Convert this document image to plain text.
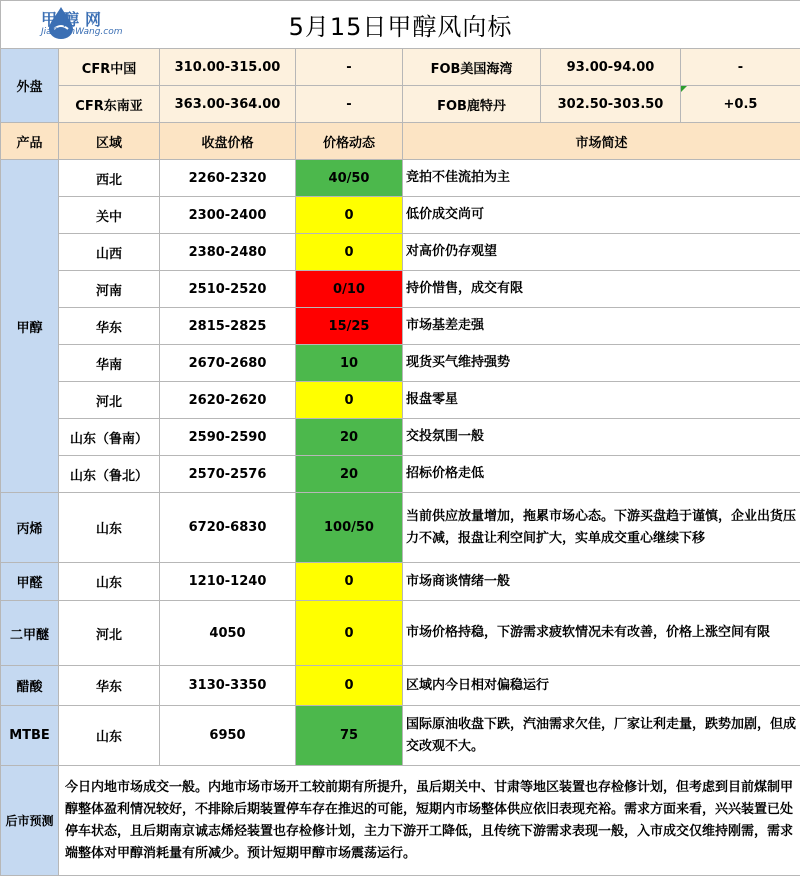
甲醇网
JiaChunWang.com 5月15日甲醇风向标						
外盘	CFR中国	310.00-315.00	-	FOB美国海湾	93.00-94.00	-
	CFR东南亚	363.00-364.00	-	FOB鹿特丹	302.50-303.50	+0.5
产品	区域	收盘价格	价格动态	市场简述		
甲醇	西北	2260-2320	40/50	竞拍不佳流拍为主		
	关中	2300-2400	0	低价成交尚可		
	山西	2380-2480	0	对高价仍存观望		
	河南	2510-2520	0/10	持价惜售，成交有限		
	华东	2815-2825	15/25	市场基差走强		
	华南	2670-2680	10	现货买气维持强势		
	河北	2620-2620	0	报盘零星		
	山东（鲁南）	2590-2590	20	交投氛围一般		
	山东（鲁北）	2570-2576	20	招标价格走低		
丙烯	山东	6720-6830	100/50	当前供应放量增加，拖累市场心态。下游买盘趋于谨慎，企业出货压力不减，报盘让利空间扩大，实单成交重心继续下移		
甲醛	山东	1210-1240	0	市场商谈情绪一般		
二甲醚	河北	4050	0	市场价格持稳，下游需求疲软情况未有改善，价格上涨空间有限		
醋酸	华东	3130-3350	0	区域内今日相对偏稳运行		
MTBE	山东	6950	75	国际原油收盘下跌，汽油需求欠佳，厂家让利走量，跌势加剧，但成交改观不大。		
后市预测	今日内地市场成交一般。内地市场市场开工较前期有所提升，虽后期关中、甘肃等地区装置也存检修计划，但考虑到目前煤制甲醇整体盈利情况较好，不排除后期装置停车存在推迟的可能，短期内市场整体供应依旧表现充裕。需求方面来看，兴兴装置已处停车状态，且后期南京诚志烯烃装置也存检修计划，主力下游开工降低，且传统下游需求表现一般，入市成交仅维持刚需，需求端整体对甲醇消耗量有所减少。预计短期甲醇市场震荡运行。					
